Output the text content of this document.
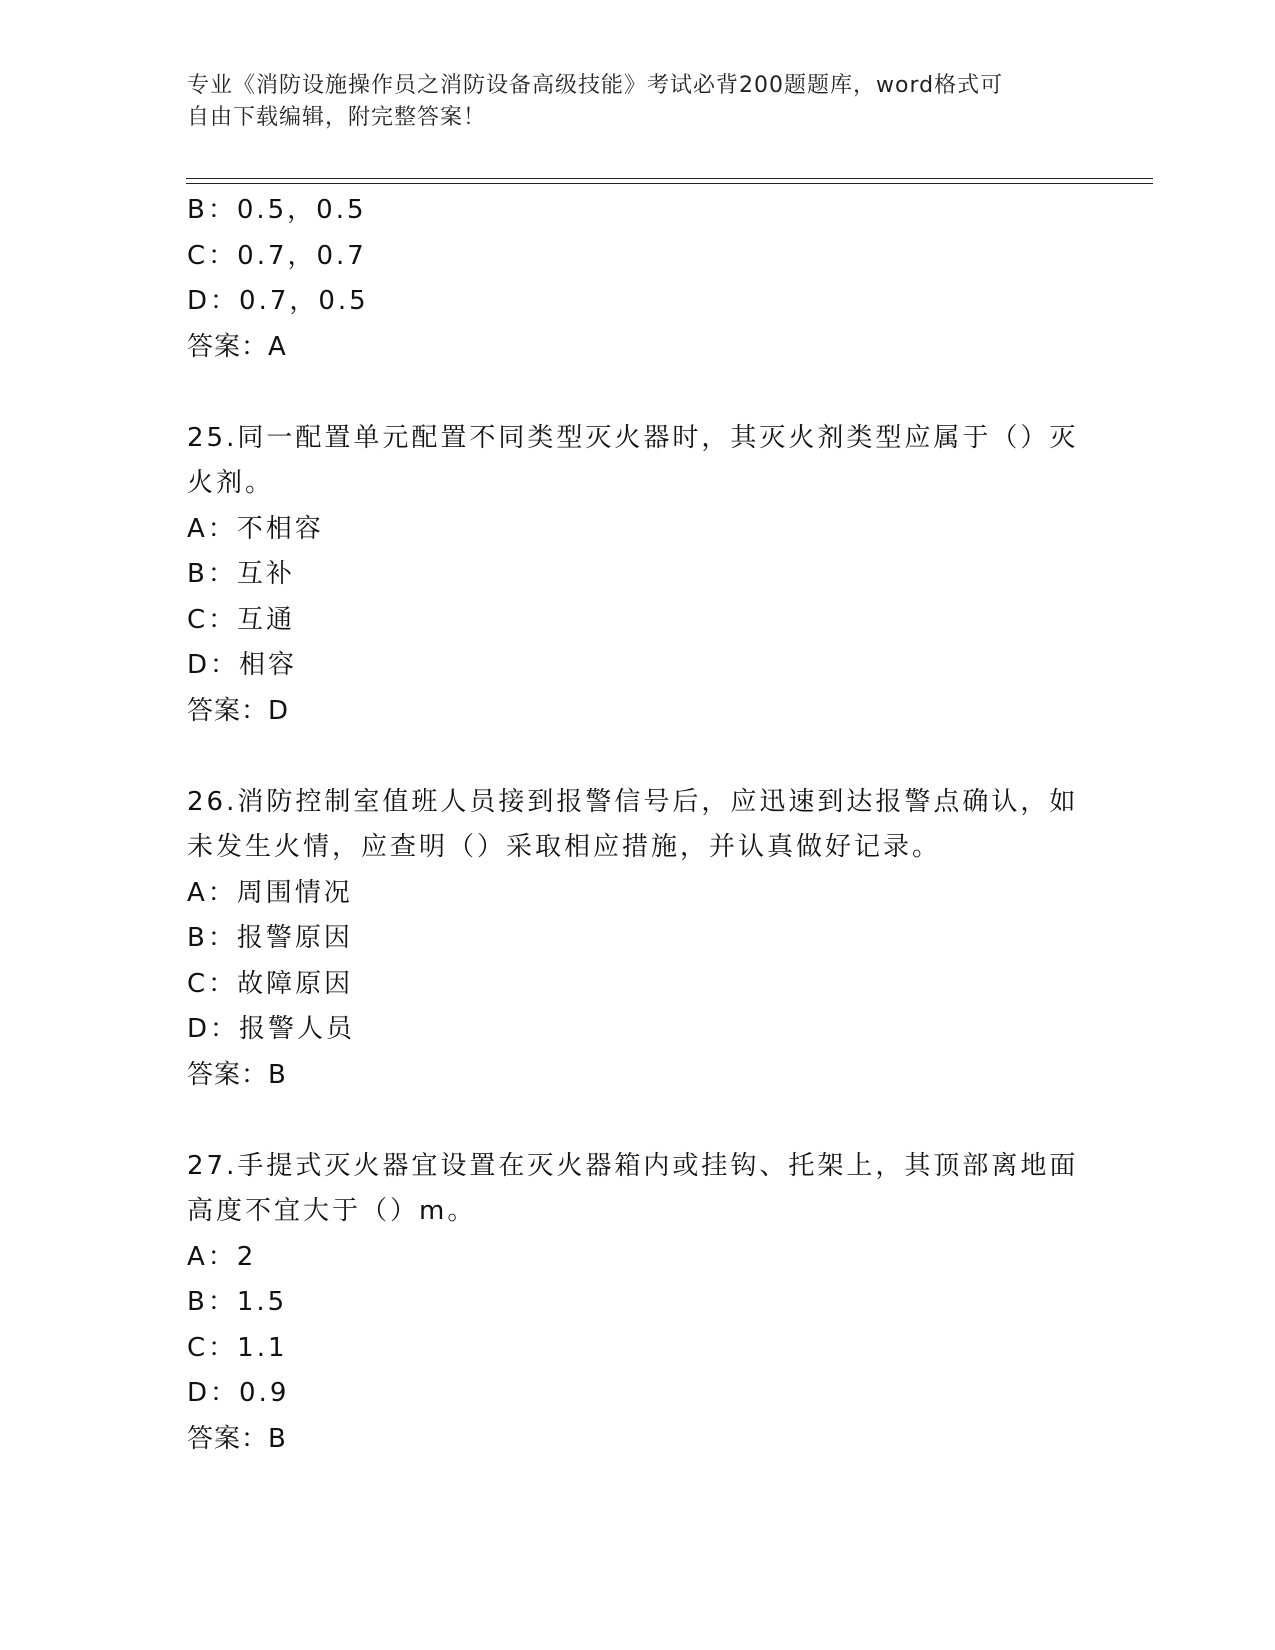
专业《消防设施操作员之消防设备高级技能》考试必背200题题库，word格式可
自由下载编辑，附完整答案！

B：0.5，0.5

C：0.7，0.7

D：0.7，0.5

答案：A

25.同一配置单元配置不同类型灭火器时，其灭火剂类型应属于（）灭

火剂。

A：不相容

B：互补

C：互通

D：相容

答案：D

26.消防控制室值班人员接到报警信号后，应迅速到达报警点确认，如

未发生火情，应查明（）采取相应措施，并认真做好记录。

A：周围情况

B：报警原因

C：故障原因

D：报警人员

答案：B

27.手提式灭火器宜设置在灭火器箱内或挂钩、托架上，其顶部离地面

高度不宜大于（）m。

A：2

B：1.5

C：1.1

D：0.9

答案：B
